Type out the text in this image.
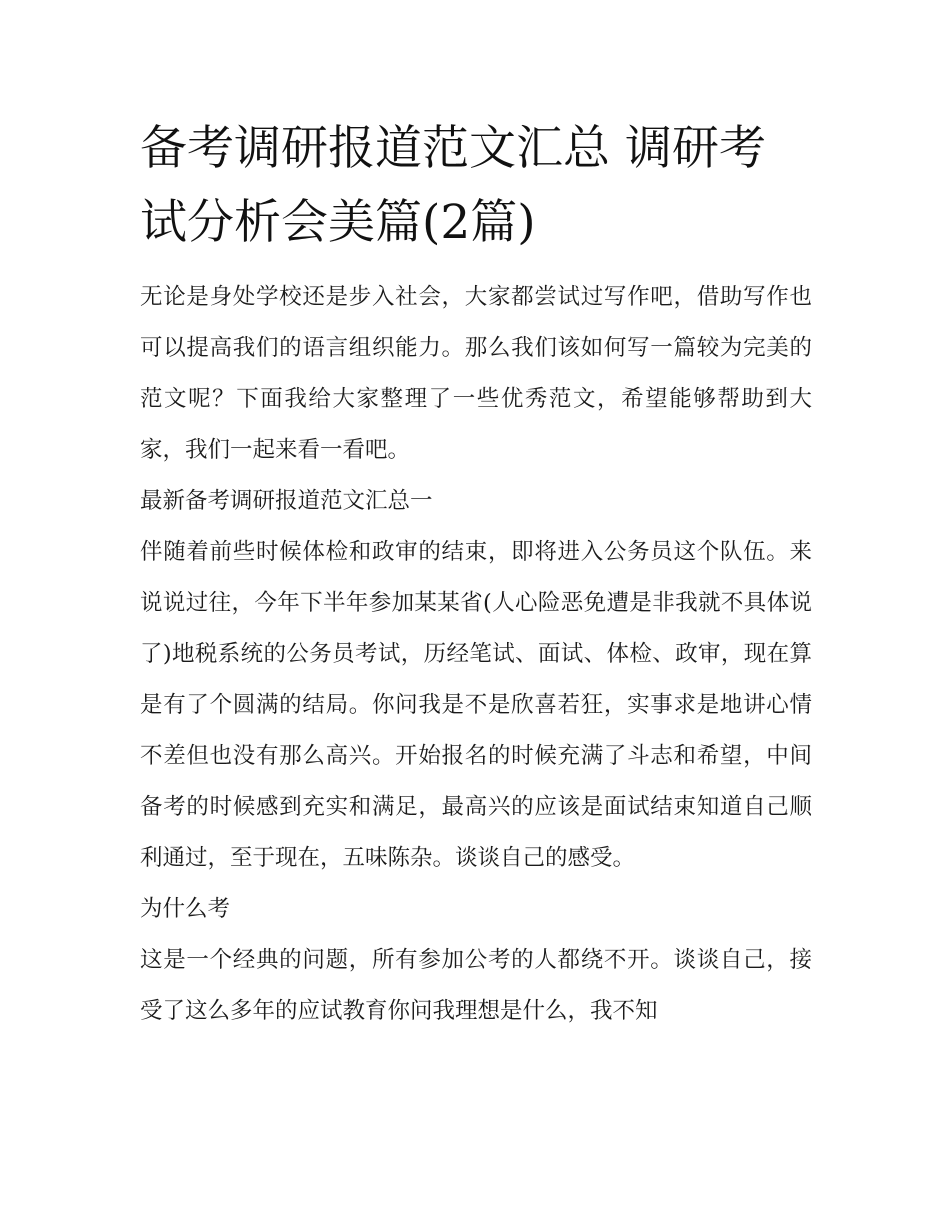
备考调研报道范文汇总 调研考试分析会美篇(2篇)

无论是身处学校还是步入社会，大家都尝试过写作吧，借助写作也可以提高我们的语言组织能力。那么我们该如何写一篇较为完美的范文呢？下面我给大家整理了一些优秀范文，希望能够帮助到大家，我们一起来看一看吧。

最新备考调研报道范文汇总一

伴随着前些时候体检和政审的结束，即将进入公务员这个队伍。来说说过往，今年下半年参加某某省(人心险恶免遭是非我就不具体说了)地税系统的公务员考试，历经笔试、面试、体检、政审，现在算是有了个圆满的结局。你问我是不是欣喜若狂，实事求是地讲心情不差但也没有那么高兴。开始报名的时候充满了斗志和希望，中间备考的时候感到充实和满足，最高兴的应该是面试结束知道自己顺利通过，至于现在，五味陈杂。谈谈自己的感受。

为什么考

这是一个经典的问题，所有参加公考的人都绕不开。谈谈自己，接受了这么多年的应试教育你问我理想是什么，我不知
